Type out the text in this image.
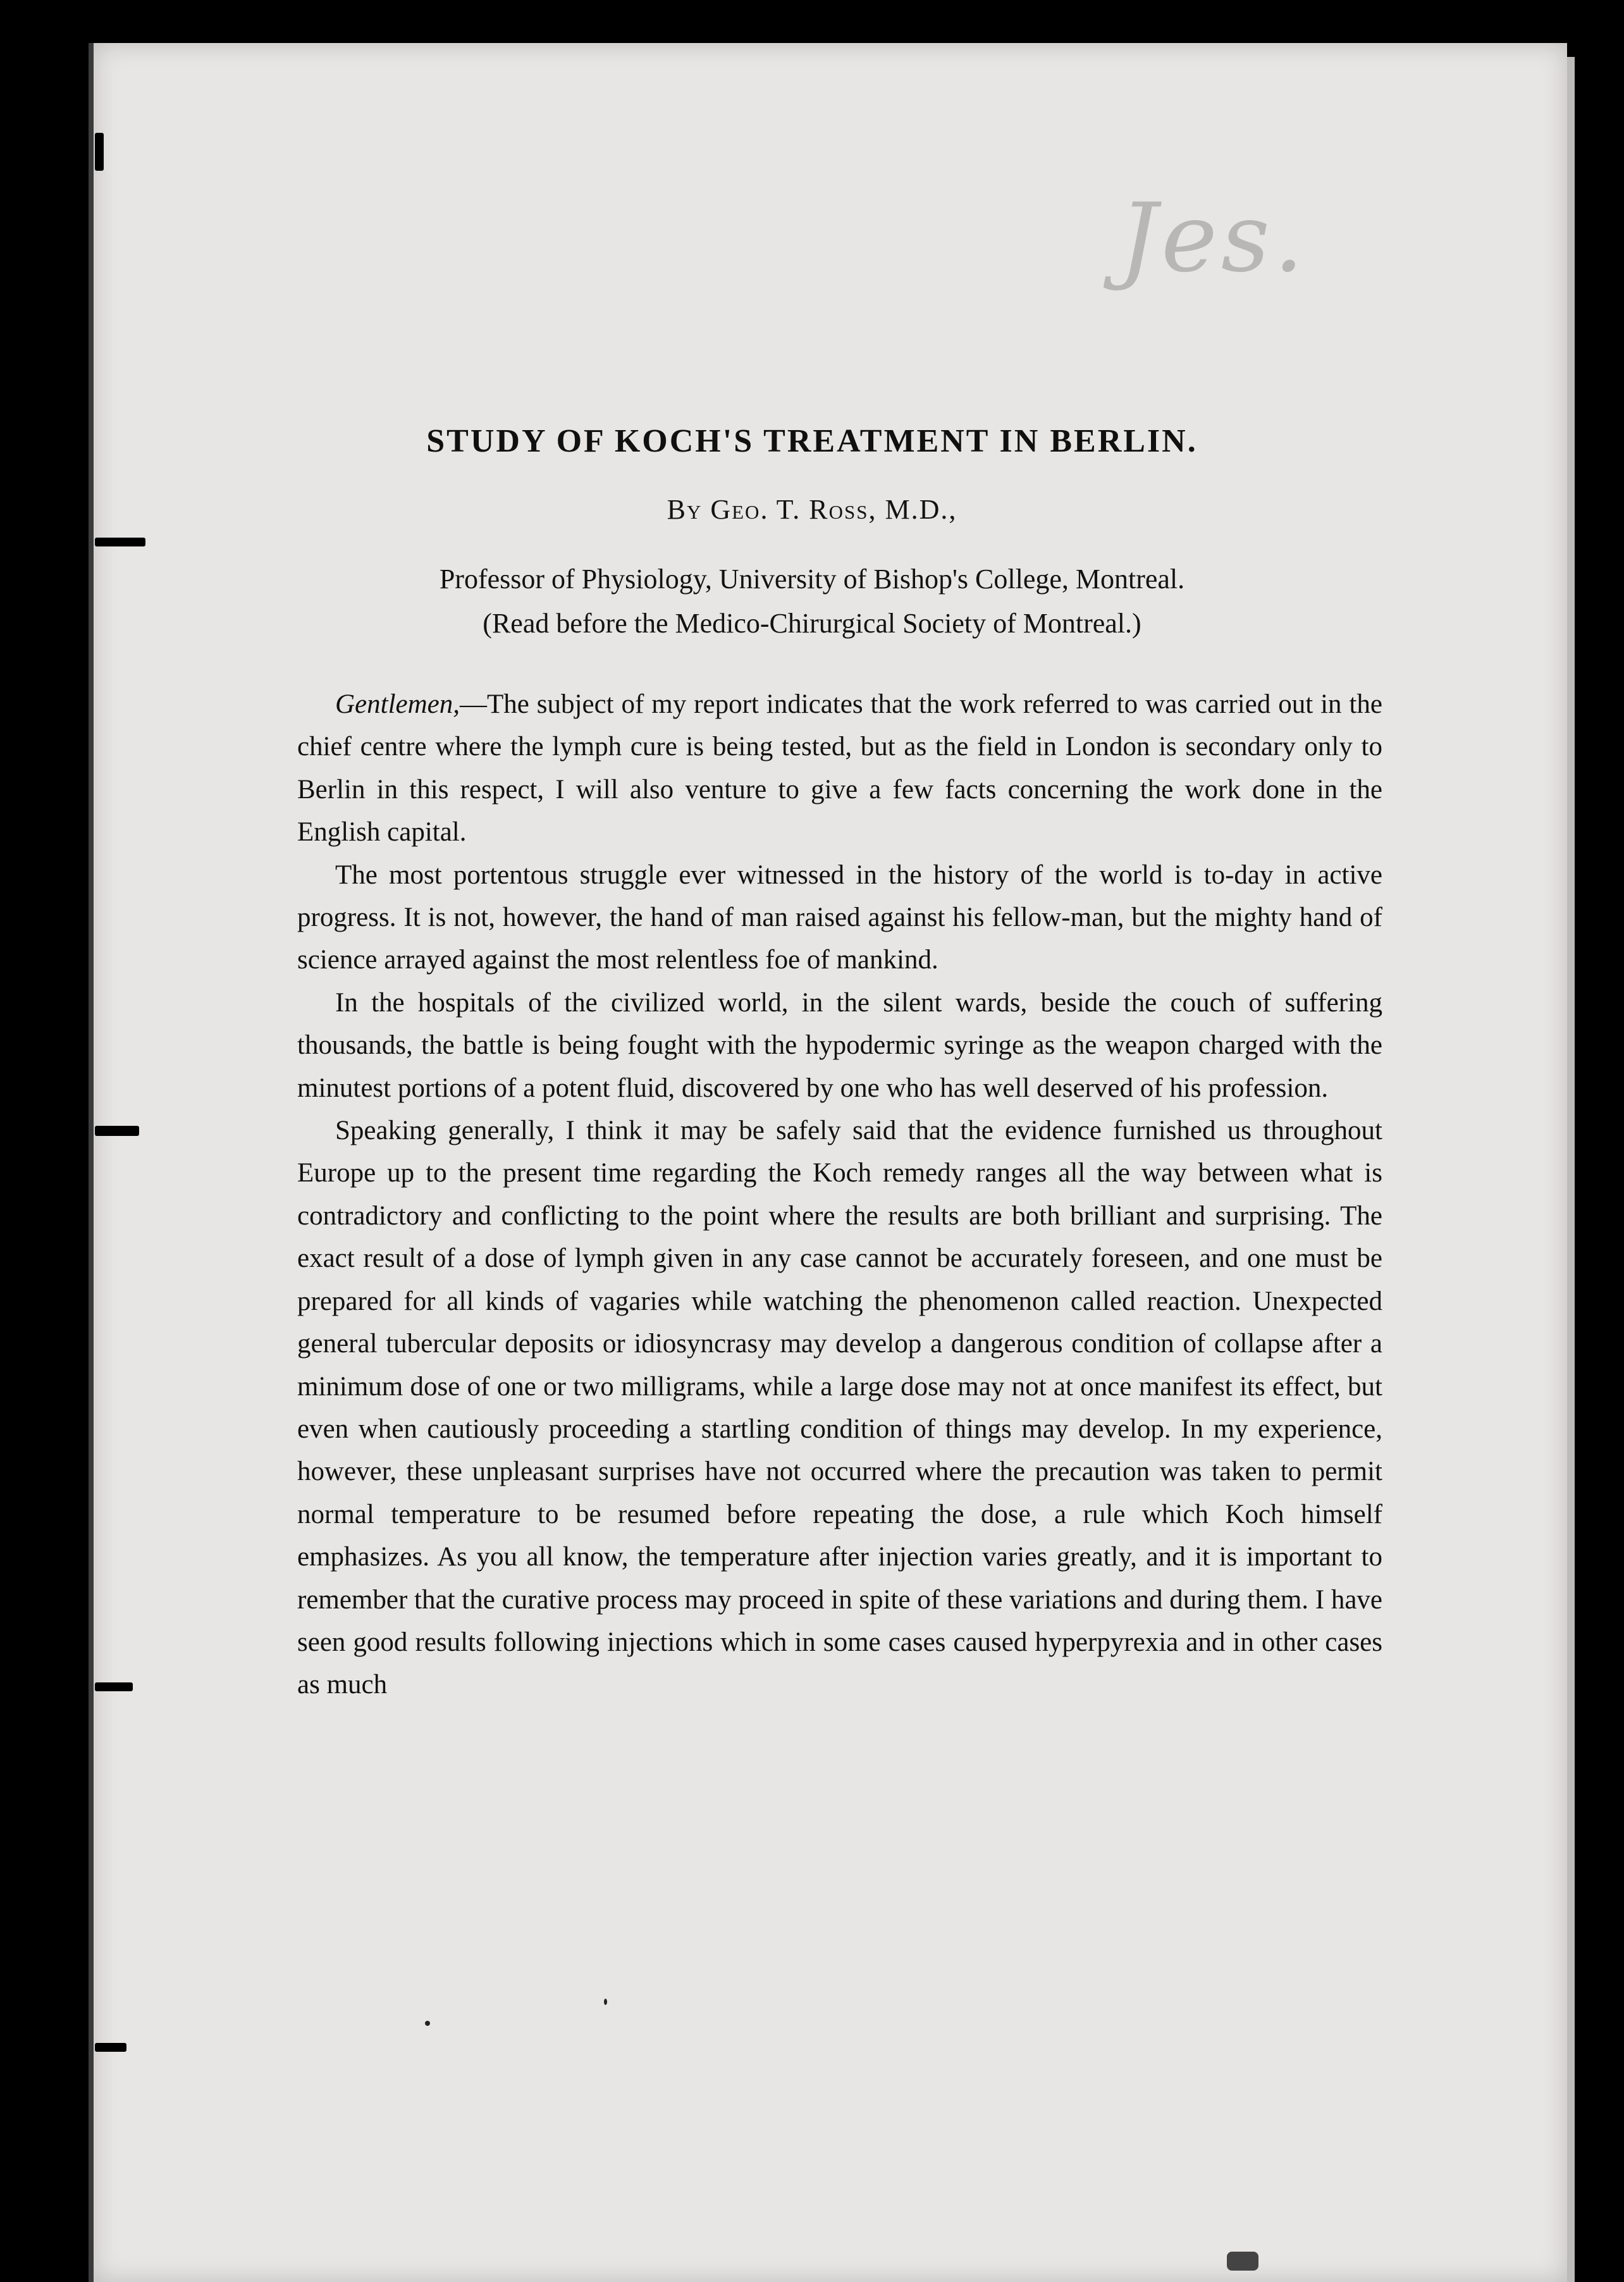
Jes.
STUDY OF KOCH'S TREATMENT IN BERLIN.
By Geo. T. Ross, M.D.,
Professor of Physiology, University of Bishop's College, Montreal.
(Read before the Medico-Chirurgical Society of Montreal.)

Gentlemen,—The subject of my report indicates that the work referred to was carried out in the chief centre where the lymph cure is being tested, but as the field in London is secondary only to Berlin in this respect, I will also venture to give a few facts concerning the work done in the English capital.

The most portentous struggle ever witnessed in the history of the world is to-day in active progress. It is not, however, the hand of man raised against his fellow-man, but the mighty hand of science arrayed against the most relentless foe of mankind.

In the hospitals of the civilized world, in the silent wards, beside the couch of suffering thousands, the battle is being fought with the hypodermic syringe as the weapon charged with the minutest portions of a potent fluid, discovered by one who has well deserved of his profession.

Speaking generally, I think it may be safely said that the evidence furnished us throughout Europe up to the present time regarding the Koch remedy ranges all the way between what is contradictory and conflicting to the point where the results are both brilliant and surprising. The exact result of a dose of lymph given in any case cannot be accurately foreseen, and one must be prepared for all kinds of vagaries while watching the phenomenon called reaction. Unexpected general tubercular deposits or idiosyncrasy may develop a dangerous condition of collapse after a minimum dose of one or two milligrams, while a large dose may not at once manifest its effect, but even when cautiously proceeding a startling condition of things may develop. In my experience, however, these unpleasant surprises have not occurred where the precaution was taken to permit normal temperature to be resumed before repeating the dose, a rule which Koch himself emphasizes. As you all know, the temperature after injection varies greatly, and it is important to remember that the curative process may proceed in spite of these variations and during them. I have seen good results following injections which in some cases caused hyperpyrexia and in other cases as much
